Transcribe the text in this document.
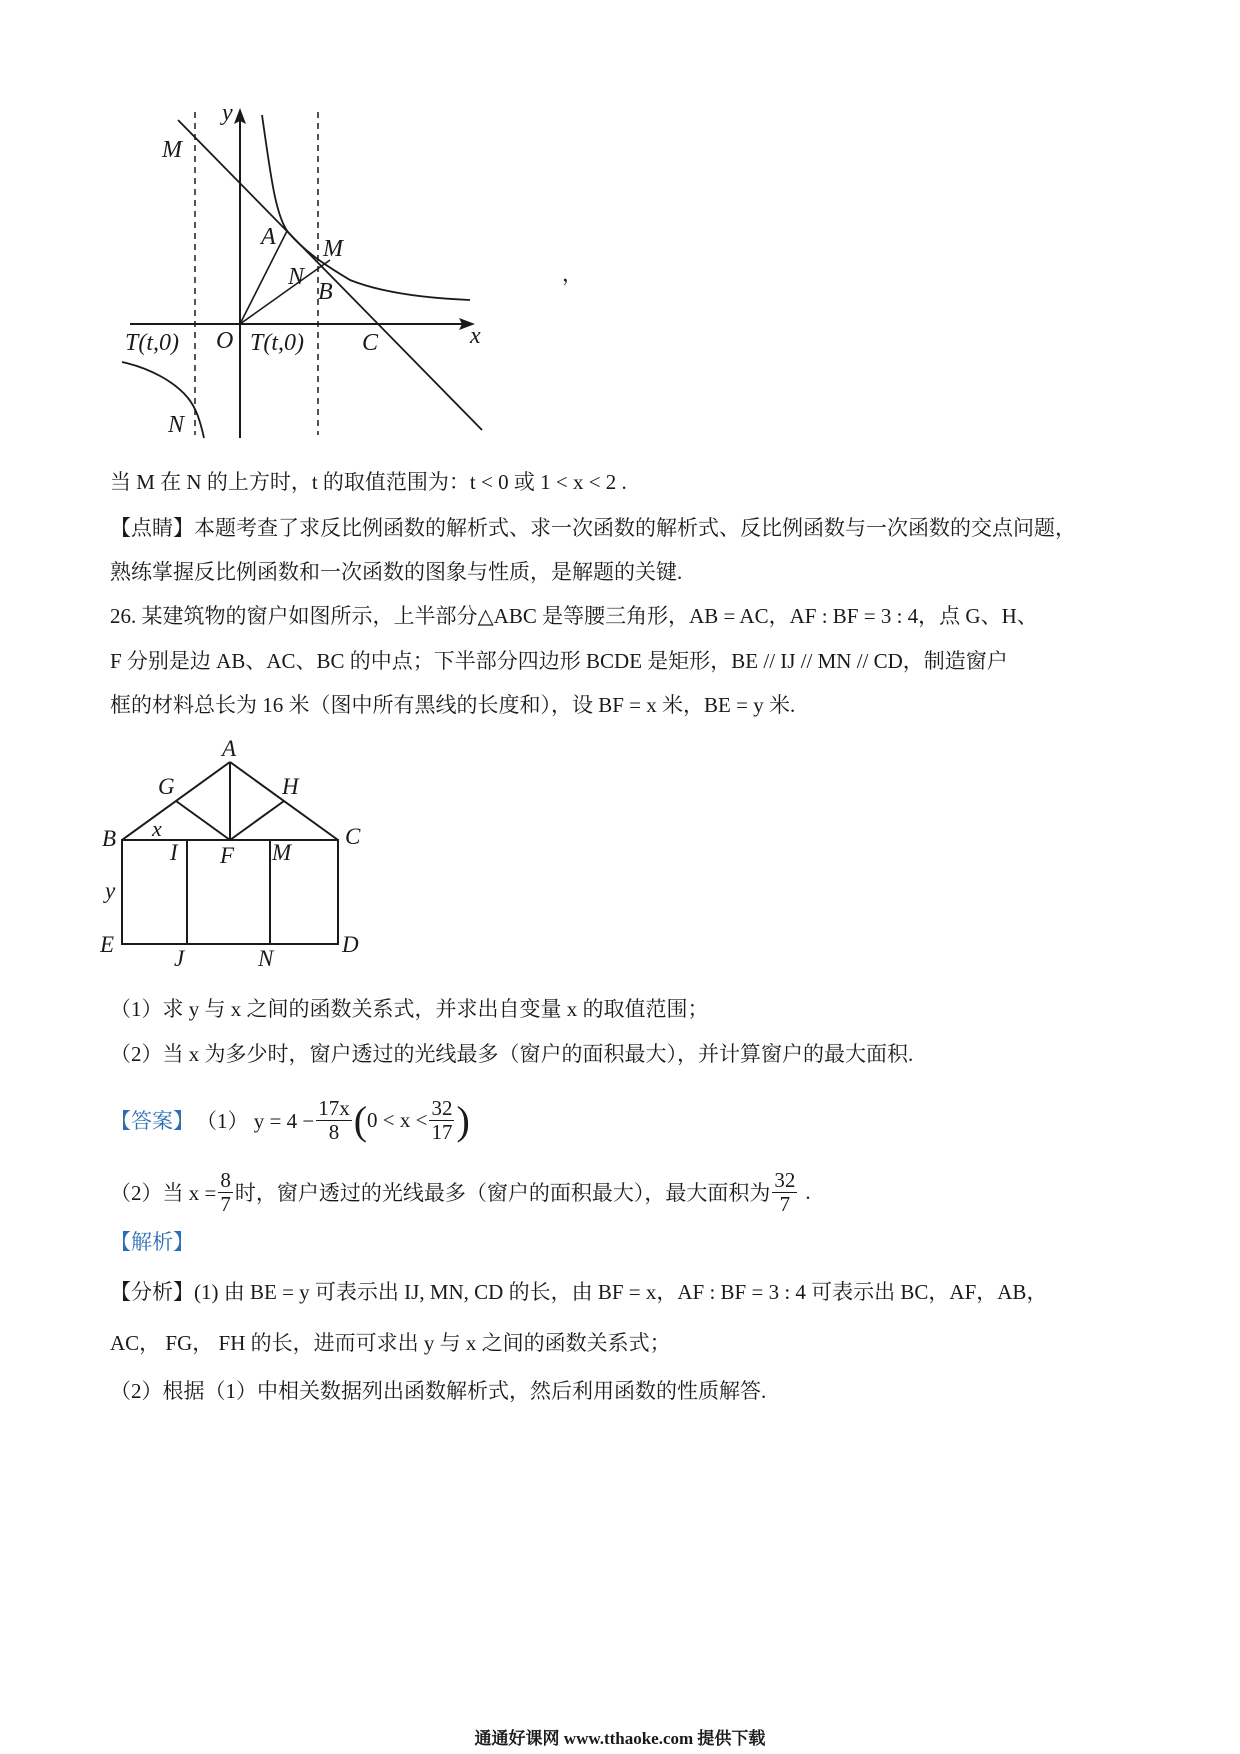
y
M
A M
N
B
O
T(t,0)	T(t,0) C	x
N
，
当 M 在 N 的上方时，t 的取值范围为：t < 0 或 1 < x < 2 .
【点睛】本题考查了求反比例函数的解析式、求一次函数的解析式、反比例函数与一次函数的交点问题，
熟练掌握反比例函数和一次函数的图象与性质，是解题的关键.
26. 某建筑物的窗户如图所示，上半部分△ABC 是等腰三角形，AB = AC，AF : BF = 3 : 4，点 G、H、
F 分别是边 AB、AC、BC 的中点；下半部分四边形 BCDE 是矩形，BE // IJ // MN // CD，制造窗户
框的材料总长为 16 米（图中所有黑线的长度和），设 BF = x 米，BE = y 米.
A
G	H
B x
I F M
C
y
E
J	N
D
（1）求 y 与 x 之间的函数关系式，并求出自变量 x 的取值范围；
（2）当 x 为多少时，窗户透过的光线最多（窗户的面积最大），并计算窗户的最大面积.
【答案】 （1） $y = 4 - \frac{17x}{8}$ ( $0 < x < \frac{32}{17}$ )
（2）当 $x = \frac{8}{7}$ 时，窗户透过的光线最多（窗户的面积最大），最大面积为 $\frac{32}{7}$ .
【解析】
【分析】(1) 由 BE = y 可表示出 IJ, MN, CD 的长，由 BF = x，AF : BF = 3 : 4 可表示出 BC，AF，AB，
AC， FG， FH 的长，进而可求出 y 与 x 之间的函数关系式；
（2）根据（1）中相关数据列出函数解析式，然后利用函数的性质解答.
通通好课网 www.tthaoke.com 提供下载
